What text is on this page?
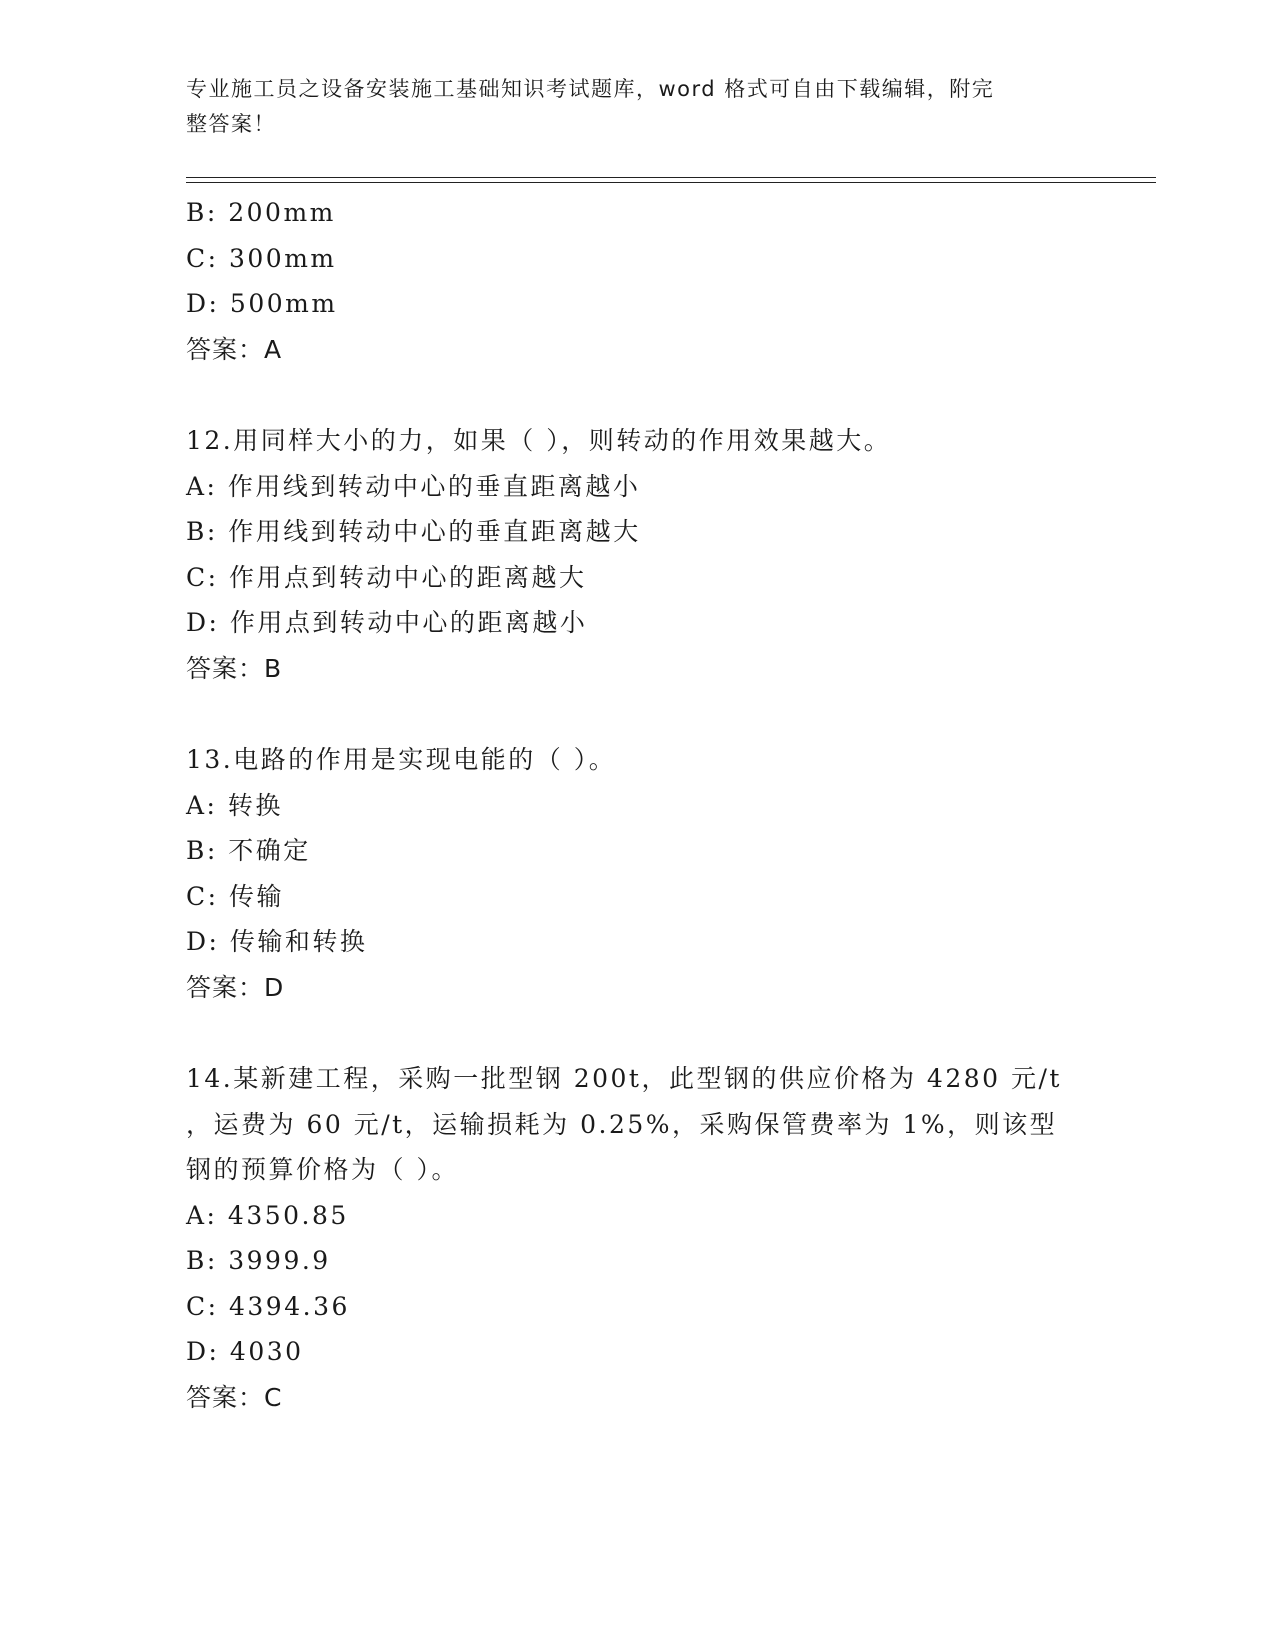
专业施工员之设备安装施工基础知识考试题库，word 格式可自由下载编辑，附完
整答案！
B: 200mm
C: 300mm
D: 500mm
答案：A
12.用同样大小的力，如果（ ），则转动的作用效果越大。
A: 作用线到转动中心的垂直距离越小
B: 作用线到转动中心的垂直距离越大
C: 作用点到转动中心的距离越大
D: 作用点到转动中心的距离越小
答案：B
13.电路的作用是实现电能的（ ）。
A: 转换
B: 不确定
C: 传输
D: 传输和转换
答案：D
14.某新建工程，采购一批型钢 200t，此型钢的供应价格为 4280 元/t
，运费为 60 元/t，运输损耗为 0.25%，采购保管费率为 1%，则该型
钢的预算价格为（ ）。
A: 4350.85
B: 3999.9
C: 4394.36
D: 4030
答案：C
